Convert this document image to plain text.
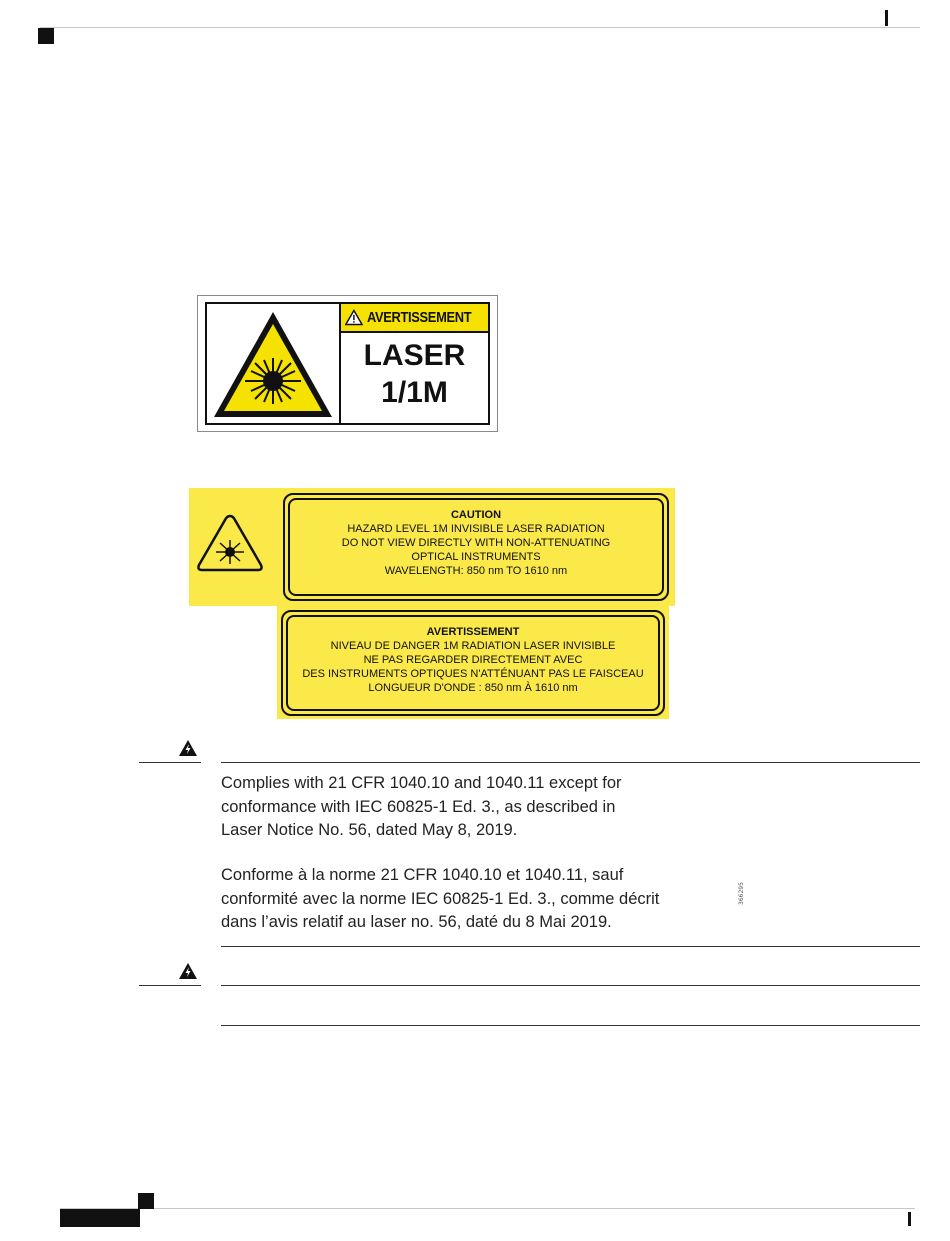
AVERTISSEMENT
LASER
1/1M
CAUTION
HAZARD LEVEL 1M INVISIBLE LASER RADIATION
DO NOT VIEW DIRECTLY WITH NON-ATTENUATING
OPTICAL INSTRUMENTS
WAVELENGTH: 850 nm TO 1610 nm
AVERTISSEMENT
NIVEAU DE DANGER 1M RADIATION LASER INVISIBLE
NE PAS REGARDER DIRECTEMENT AVEC
DES INSTRUMENTS OPTIQUES N'ATTÉNUANT PAS LE FAISCEAU
LONGUEUR D'ONDE : 850 nm À 1610 nm
Complies with 21 CFR 1040.10 and 1040.11 except for
conformance with IEC 60825-1 Ed. 3., as described in
Laser Notice No. 56, dated May 8, 2019.
Conforme à la norme 21 CFR 1040.10 et 1040.11, sauf
conformité avec la norme IEC 60825-1 Ed. 3., comme décrit
dans l’avis relatif au laser no. 56, daté du 8 Mai 2019.
366295
